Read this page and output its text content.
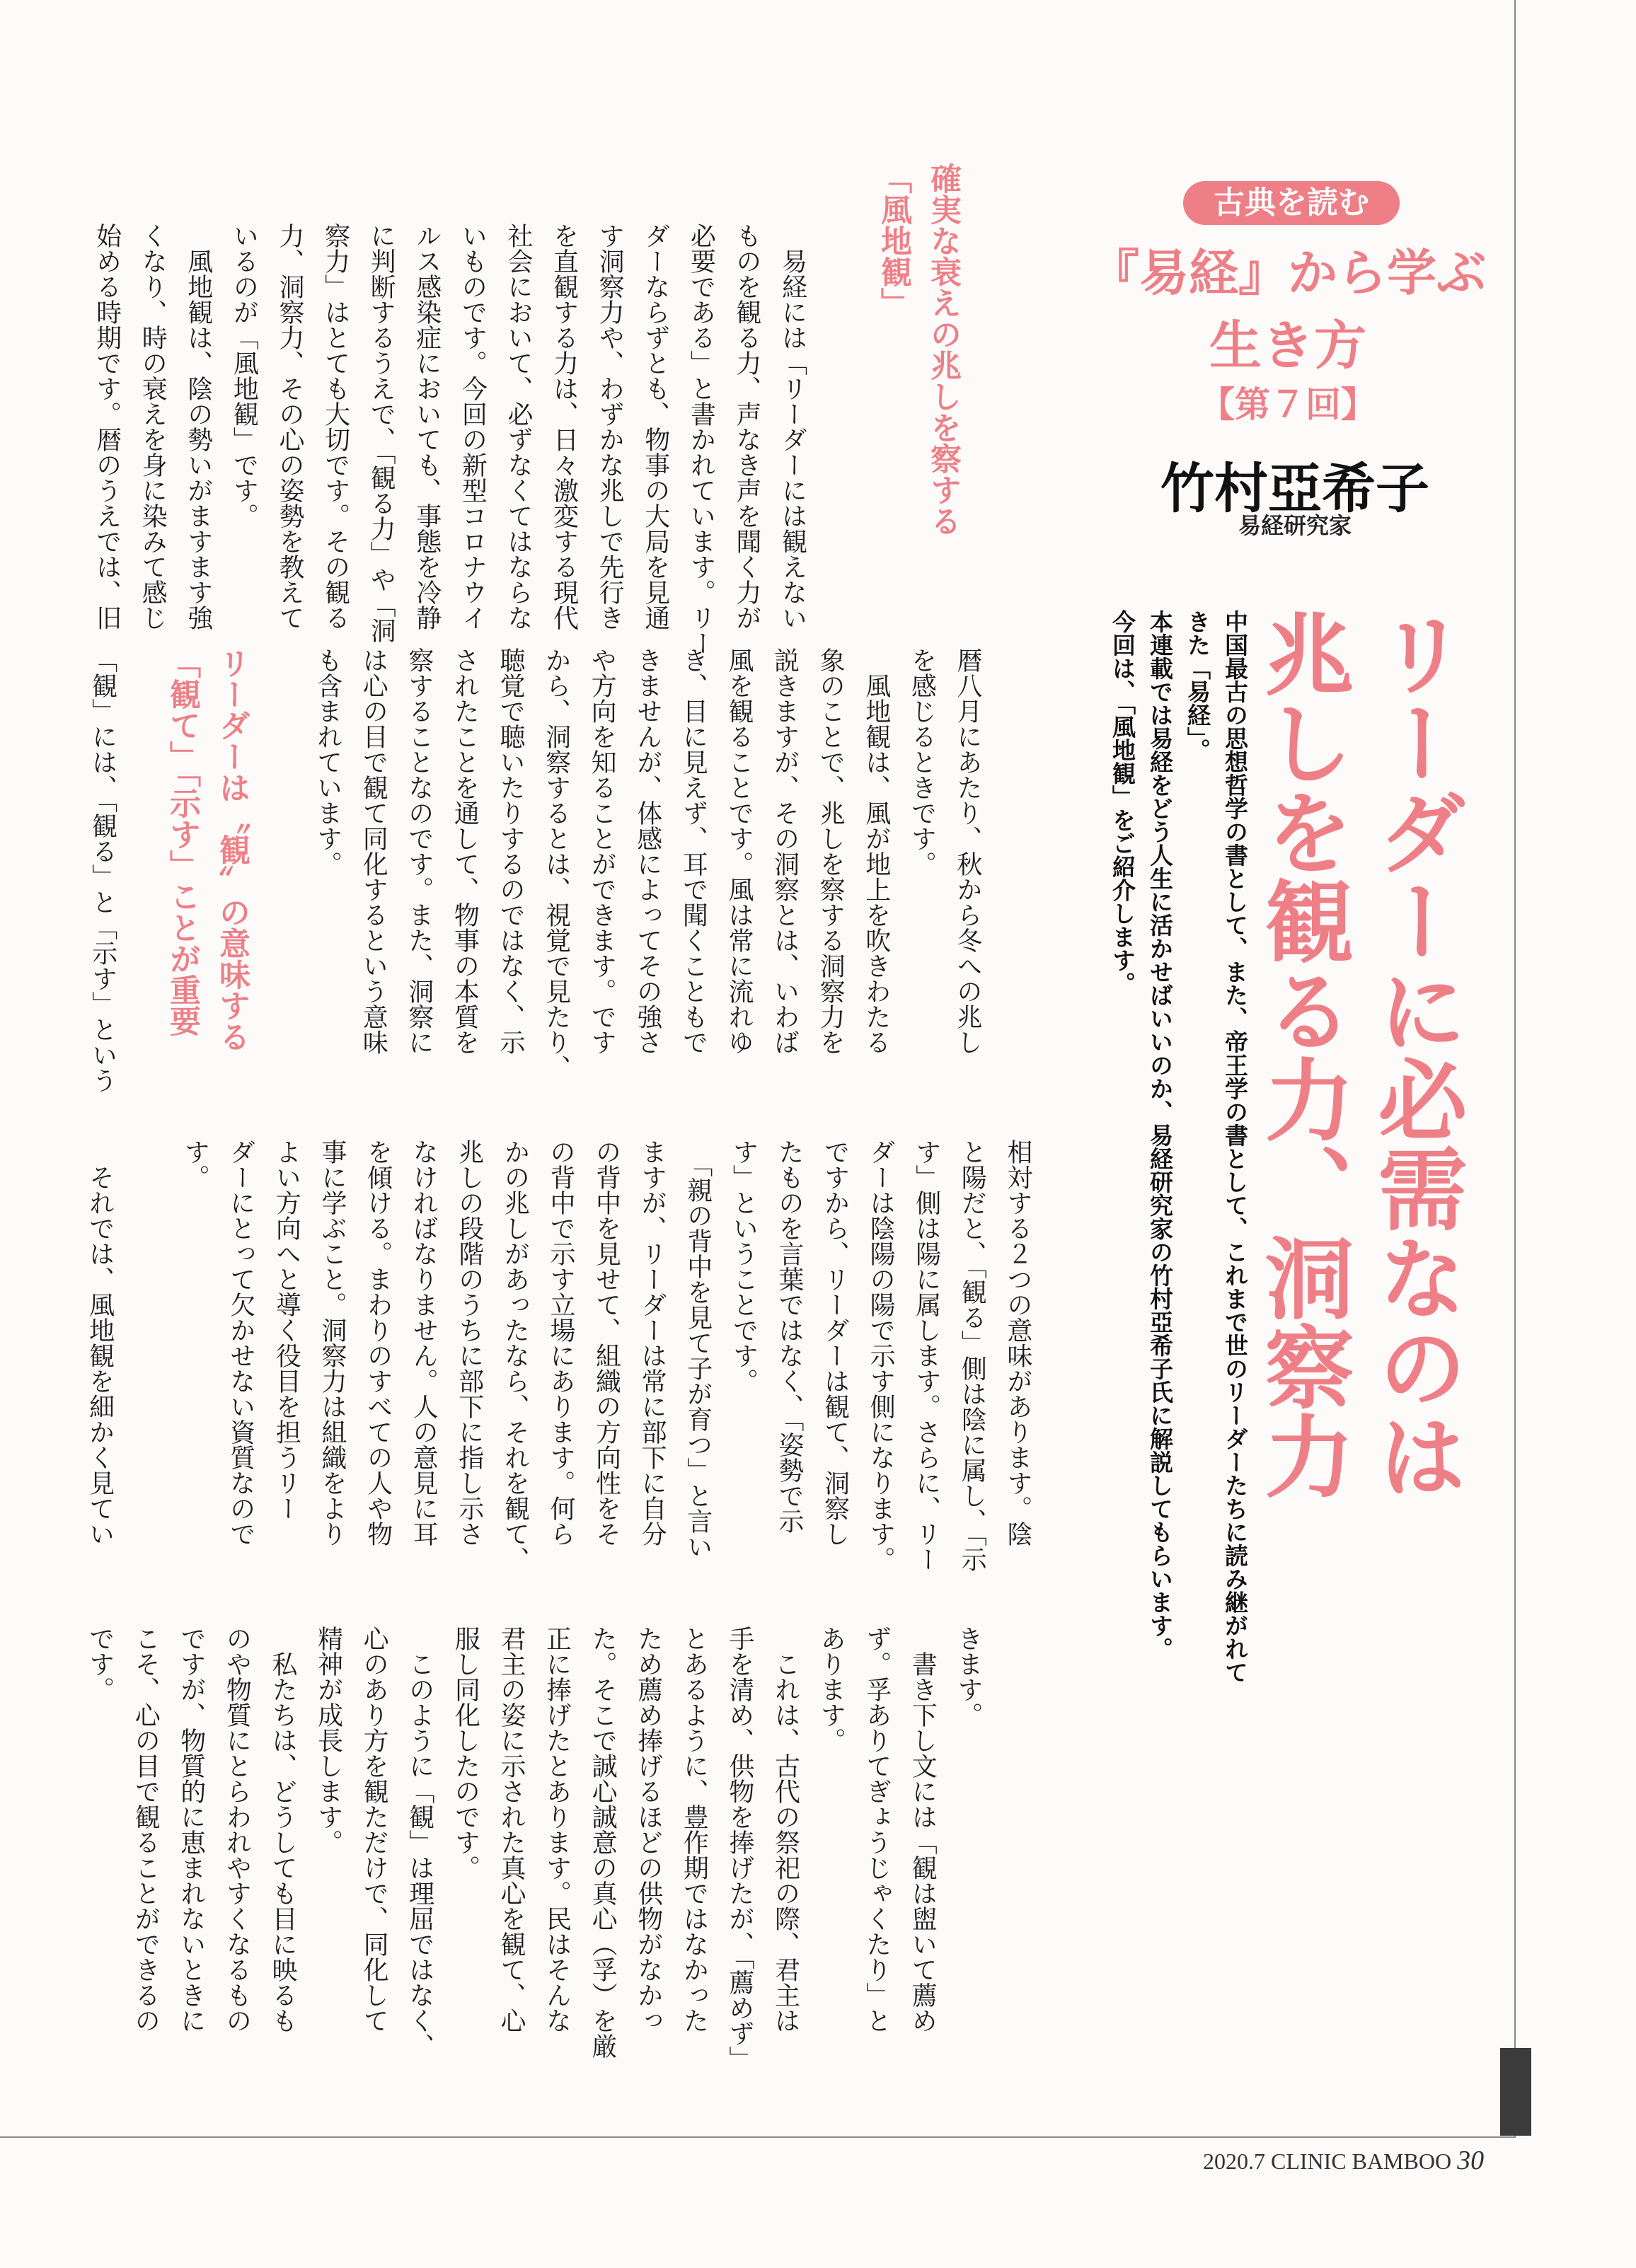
古典を読む
『易経』から学ぶ
生き方
【第７回】
竹村亞希子
易経研究家
リーダーに必需なのは
兆しを観る力、洞察力
中国最古の思想哲学の書として、また、帝王学の書として、これまで世のリーダーたちに読み継がれてきた「易経」。
本連載では易経をどう人生に活かせばいいのか、易経研究家の竹村亞希子氏に解説してもらいます。
今回は、「風地観」をご紹介します。
確実な衰えの兆しを察する
「風地観」
　易経には「リーダーには観えない
ものを観る力、声なき声を聞く力が
必要である」と書かれています。リー
ダーならずとも、物事の大局を見通
す洞察力や、わずかな兆しで先行き
を直観する力は、日々激変する現代
社会において、必ずなくてはならな
いものです。今回の新型コロナウイ
ルス感染症においても、事態を冷静
に判断するうえで、「観る力」や「洞
察力」はとても大切です。その観る
力、洞察力、その心の姿勢を教えて
いるのが「風地観」です。
　風地観は、陰の勢いがますます強
くなり、時の衰えを身に染みて感じ
始める時期です。暦のうえでは、旧
暦八月にあたり、秋から冬への兆し
を感じるときです。
　風地観は、風が地上を吹きわたる
象のことで、兆しを察する洞察力を
説きますが、その洞察とは、いわば
風を観ることです。風は常に流れゆ
き、目に見えず、耳で聞くこともで
きませんが、体感によってその強さ
や方向を知ることができます。です
から、洞察するとは、視覚で見たり、
聴覚で聴いたりするのではなく、示
されたことを通して、物事の本質を
察することなのです。また、洞察に
は心の目で観て同化するという意味
も含まれています。
リーダーは〝観〟の意味する
「観て」「示す」ことが重要
「観」には、「観る」と「示す」という
相対する２つの意味があります。陰
と陽だと、「観る」側は陰に属し、「示
す」側は陽に属します。さらに、リー
ダーは陰陽の陽で示す側になります。
ですから、リーダーは観て、洞察し
たものを言葉ではなく、「姿勢で示
す」ということです。
　「親の背中を見て子が育つ」と言い
ますが、リーダーは常に部下に自分
の背中を見せて、組織の方向性をそ
の背中で示す立場にあります。何ら
かの兆しがあったなら、それを観て、
兆しの段階のうちに部下に指し示さ
なければなりません。人の意見に耳
を傾ける。まわりのすべての人や物
事に学ぶこと。洞察力は組織をより
よい方向へと導く役目を担うリー
ダーにとって欠かせない資質なので
す。
　それでは、風地観を細かく見てい
きます。
　書き下し文には「観は盥いて薦め
ず。孚ありてぎょうじゃくたり」と
あります。
　これは、古代の祭祀の際、君主は
手を清め、供物を捧げたが、「薦めず」
とあるように、豊作期ではなかった
ため薦め捧げるほどの供物がなかっ
た。そこで誠心誠意の真心（孚）を厳
正に捧げたとあります。民はそんな
君主の姿に示された真心を観て、心
服し同化したのです。
　このように「観」は理屈ではなく、
心のあり方を観ただけで、同化して
精神が成長します。
　私たちは、どうしても目に映るも
のや物質にとらわれやすくなるもの
ですが、物質的に恵まれないときに
こそ、心の目で観ることができるの
です。
2020.7 CLINIC BAMBOO 30
